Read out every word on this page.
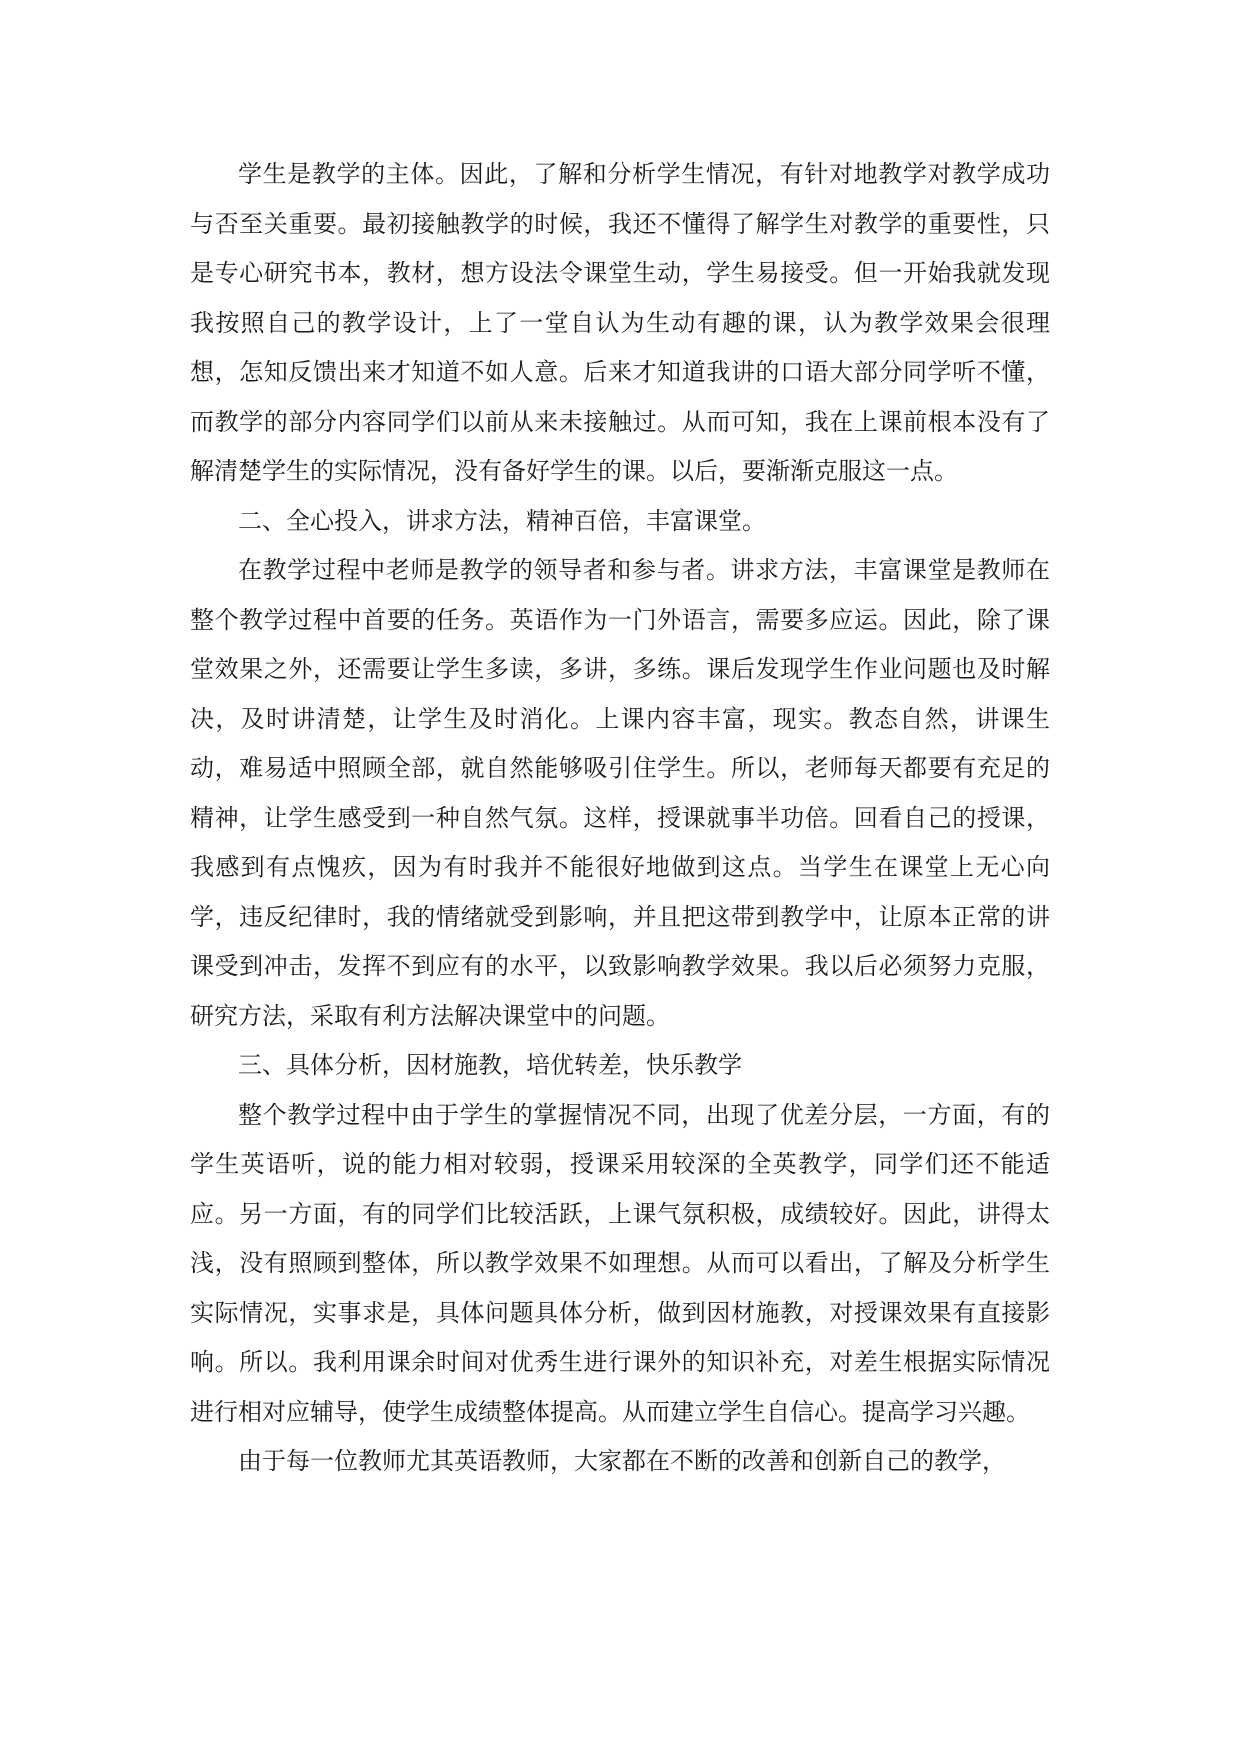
学生是教学的主体。因此，了解和分析学生情况，有针对地教学对教学成功与否至关重要。最初接触教学的时候，我还不懂得了解学生对教学的重要性，只是专心研究书本，教材，想方设法令课堂生动，学生易接受。但一开始我就发现我按照自己的教学设计，上了一堂自认为生动有趣的课，认为教学效果会很理想，怎知反馈出来才知道不如人意。后来才知道我讲的口语大部分同学听不懂，而教学的部分内容同学们以前从来未接触过。从而可知，我在上课前根本没有了解清楚学生的实际情况，没有备好学生的课。以后，要渐渐克服这一点。

二、全心投入，讲求方法，精神百倍，丰富课堂。

在教学过程中老师是教学的领导者和参与者。讲求方法，丰富课堂是教师在整个教学过程中首要的任务。英语作为一门外语言，需要多应运。因此，除了课堂效果之外，还需要让学生多读，多讲，多练。课后发现学生作业问题也及时解决，及时讲清楚，让学生及时消化。上课内容丰富，现实。教态自然，讲课生动，难易适中照顾全部，就自然能够吸引住学生。所以，老师每天都要有充足的精神，让学生感受到一种自然气氛。这样，授课就事半功倍。回看自己的授课，我感到有点愧疚，因为有时我并不能很好地做到这点。当学生在课堂上无心向学，违反纪律时，我的情绪就受到影响，并且把这带到教学中，让原本正常的讲课受到冲击，发挥不到应有的水平，以致影响教学效果。我以后必须努力克服，研究方法，采取有利方法解决课堂中的问题。

三、具体分析，因材施教，培优转差，快乐教学

整个教学过程中由于学生的掌握情况不同，出现了优差分层，一方面，有的学生英语听，说的能力相对较弱，授课采用较深的全英教学，同学们还不能适应。另一方面，有的同学们比较活跃，上课气氛积极，成绩较好。因此，讲得太浅，没有照顾到整体，所以教学效果不如理想。从而可以看出，了解及分析学生实际情况，实事求是，具体问题具体分析，做到因材施教，对授课效果有直接影响。所以。我利用课余时间对优秀生进行课外的知识补充，对差生根据实际情况进行相对应辅导，使学生成绩整体提高。从而建立学生自信心。提高学习兴趣。

由于每一位教师尤其英语教师，大家都在不断的改善和创新自己的教学，
